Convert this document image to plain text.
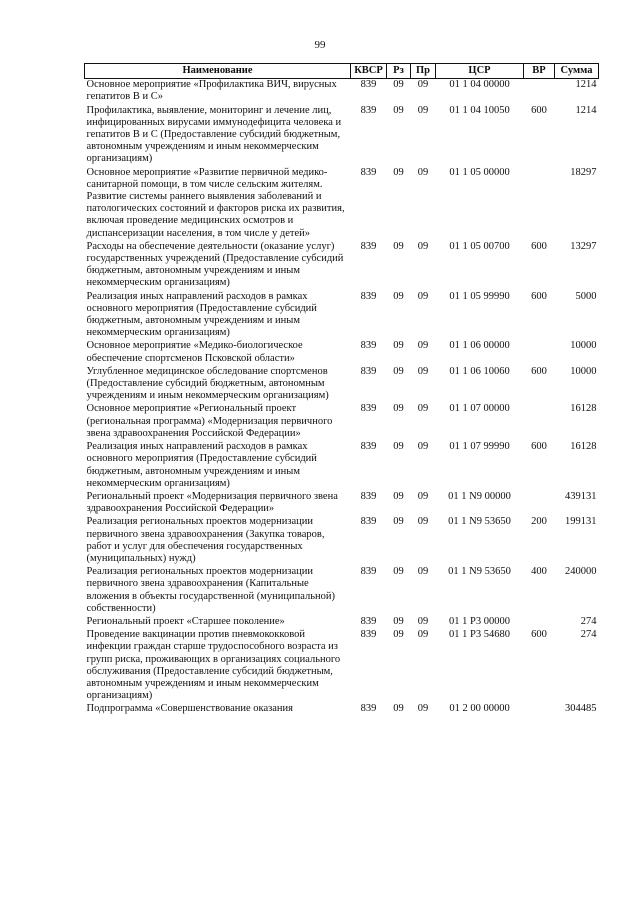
99
Наименование	КВСР	Рз	Пр	ЦСР	ВР	Сумма
Основное мероприятие «Профилактика ВИЧ, вирусных гепатитов В и С»	839	09	09	01 1 04 00000		1214
Профилактика, выявление, мониторинг и лечение лиц, инфицированных вирусами иммунодефицита человека и гепатитов В и С (Предоставление субсидий бюджетным, автономным учреждениям и иным некоммерческим организациям)	839	09	09	01 1 04 10050	600	1214
Основное мероприятие «Развитие первичной медико-санитарной помощи, в том числе сельским жителям. Развитие системы раннего выявления заболеваний и патологических состояний и факторов риска их развития, включая проведение медицинских осмотров и диспансеризации населения, в том числе у детей»	839	09	09	01 1 05 00000		18297
Расходы на обеспечение деятельности (оказание услуг) государственных учреждений (Предоставление субсидий бюджетным, автономным учреждениям и иным некоммерческим организациям)	839	09	09	01 1 05 00700	600	13297
Реализация иных направлений расходов в рамках основного мероприятия (Предоставление субсидий бюджетным, автономным учреждениям и иным некоммерческим организациям)	839	09	09	01 1 05 99990	600	5000
Основное мероприятие «Медико-биологическое обеспечение спортсменов Псковской области»	839	09	09	01 1 06 00000		10000
Углубленное медицинское обследование спортсменов (Предоставление субсидий бюджетным, автономным учреждениям и иным некоммерческим организациям)	839	09	09	01 1 06 10060	600	10000
Основное мероприятие «Региональный проект (региональная программа) «Модернизация первичного звена здравоохранения Российской Федерации»	839	09	09	01 1 07 00000		16128
Реализация иных направлений расходов в рамках основного мероприятия (Предоставление субсидий бюджетным, автономным учреждениям и иным некоммерческим организациям)	839	09	09	01 1 07 99990	600	16128
Региональный проект «Модернизация первичного звена здравоохранения Российской Федерации»	839	09	09	01 1 N9 00000		439131
Реализация региональных проектов модернизации первичного звена здравоохранения (Закупка товаров, работ и услуг для обеспечения государственных (муниципальных) нужд)	839	09	09	01 1 N9 53650	200	199131
Реализация региональных проектов модернизации первичного звена здравоохранения (Капитальные вложения в объекты государственной (муниципальной) собственности)	839	09	09	01 1 N9 53650	400	240000
Региональный проект «Старшее поколение»	839	09	09	01 1 P3 00000		274
Проведение вакцинации против пневмококковой инфекции граждан старше трудоспособного возраста из групп риска, проживающих в организациях социального обслуживания (Предоставление субсидий бюджетным, автономным учреждениям и иным некоммерческим организациям)	839	09	09	01 1 P3 54680	600	274
Подпрограмма «Совершенствование оказания	839	09	09	01 2 00 00000		304485
